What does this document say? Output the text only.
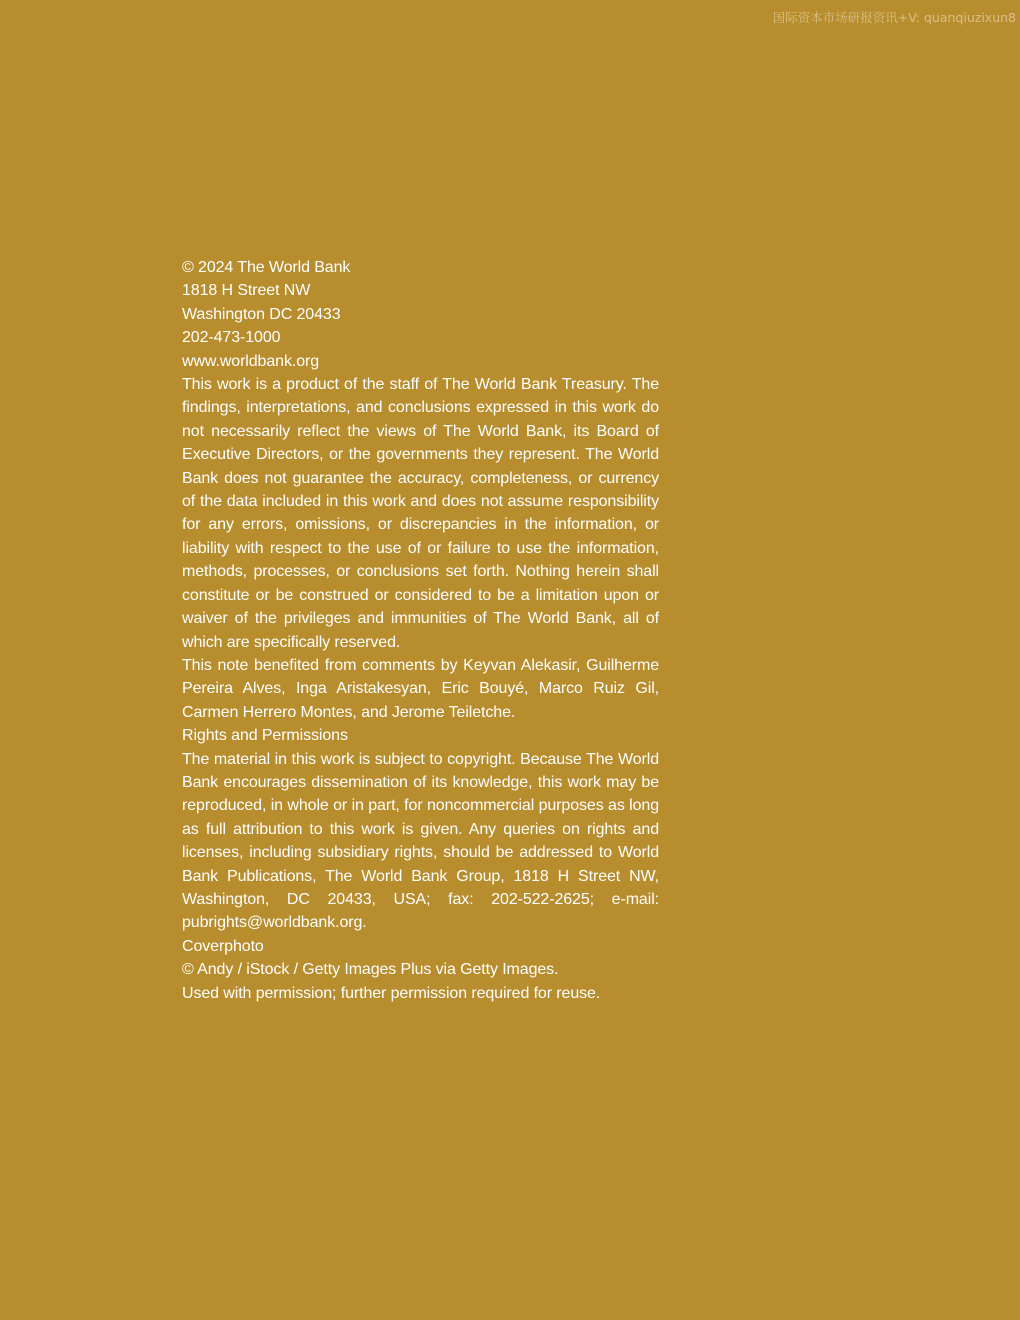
国际资本市场研报资讯+V: quanqiuzixun8

© 2024 The World Bank
1818 H Street NW
Washington DC 20433

202-473-1000

www.worldbank.org

This work is a product of the staff of The World Bank Treasury. The findings, interpretations, and conclusions expressed in this work do not necessarily reflect the views of The World Bank, its Board of Executive Directors, or the governments they represent. The World Bank does not guarantee the accuracy, completeness, or currency of the data included in this work and does not assume responsibility for any errors, omissions, or discrepancies in the information, or liability with respect to the use of or failure to use the information, methods, processes, or conclusions set forth. Nothing herein shall constitute or be construed or considered to be a limitation upon or waiver of the privileges and immunities of The World Bank, all of which are specifically reserved.

This note benefited from comments by Keyvan Alekasir, Guilherme Pereira Alves, Inga Aristakesyan, Eric Bouyé, Marco Ruiz Gil, Carmen Herrero Montes, and Jerome Teiletche.

Rights and Permissions

The material in this work is subject to copyright. Because The World Bank encourages dissemination of its knowledge, this work may be reproduced, in whole or in part, for noncommercial purposes as long as full attribution to this work is given. Any queries on rights and licenses, including subsidiary rights, should be addressed to World Bank Publications, The World Bank Group, 1818 H Street NW, Washington, DC 20433, USA; fax: 202-522-2625; e-mail: pubrights@worldbank.org.

Coverphoto

© Andy / iStock / Getty Images Plus via Getty Images.
Used with permission; further permission required for reuse.
